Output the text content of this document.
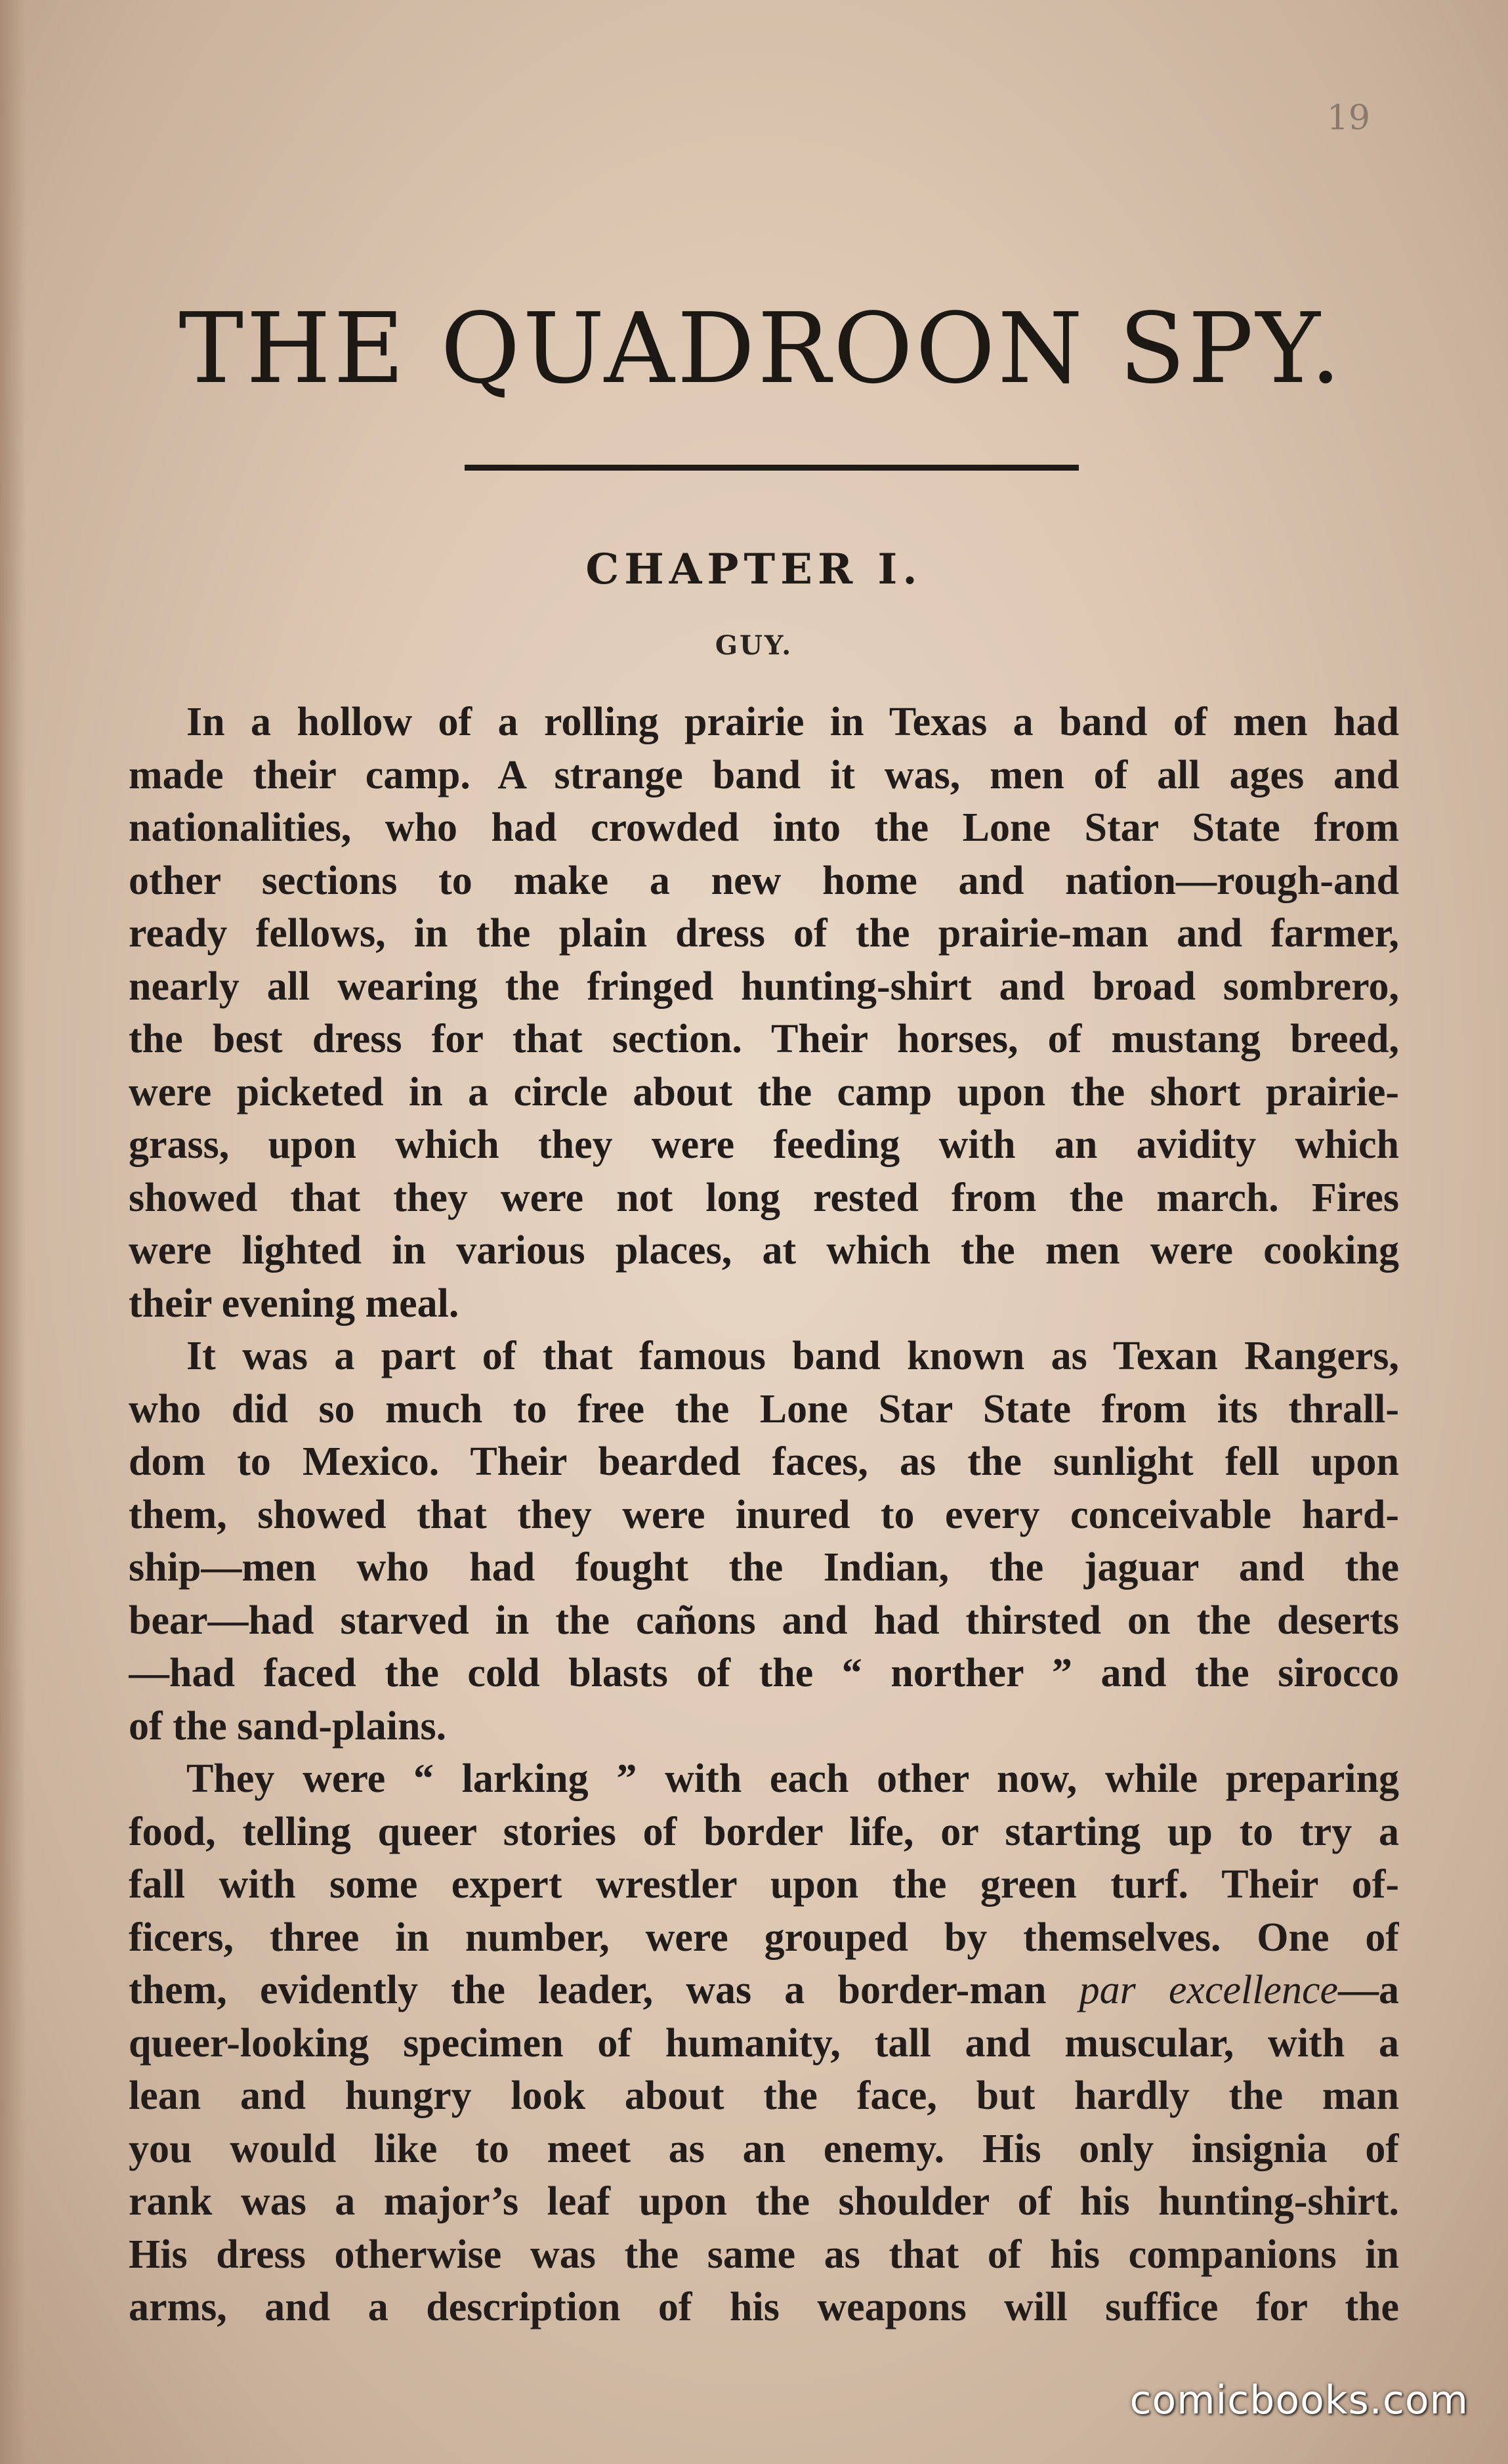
19
THE QUADROON SPY.
CHAPTER I.
GUY.
In a hollow of a rolling prairie in Texas a band of men had
made their camp. A strange band it was, men of all ages and
nationalities, who had crowded into the Lone Star State from
other sections to make a new home and nation—rough-and
ready fellows, in the plain dress of the prairie-man and farmer,
nearly all wearing the fringed hunting-shirt and broad sombrero,
the best dress for that section. Their horses, of mustang breed,
were picketed in a circle about the camp upon the short prairie-
grass, upon which they were feeding with an avidity which
showed that they were not long rested from the march. Fires
were lighted in various places, at which the men were cooking
their evening meal.
It was a part of that famous band known as Texan Rangers,
who did so much to free the Lone Star State from its thrall-
dom to Mexico. Their bearded faces, as the sunlight fell upon
them, showed that they were inured to every conceivable hard-
ship—men who had fought the Indian, the jaguar and the
bear—had starved in the cañons and had thirsted on the deserts
—had faced the cold blasts of the “ norther ” and the sirocco
of the sand-plains.
They were “ larking ” with each other now, while preparing
food, telling queer stories of border life, or starting up to try a
fall with some expert wrestler upon the green turf. Their of-
ficers, three in number, were grouped by themselves. One of
them, evidently the leader, was a border-man par excellence—a
queer-looking specimen of humanity, tall and muscular, with a
lean and hungry look about the face, but hardly the man
you would like to meet as an enemy. His only insignia of
rank was a major’s leaf upon the shoulder of his hunting-shirt.
His dress otherwise was the same as that of his companions in
arms, and a description of his weapons will suffice for the
comicbooks.com
